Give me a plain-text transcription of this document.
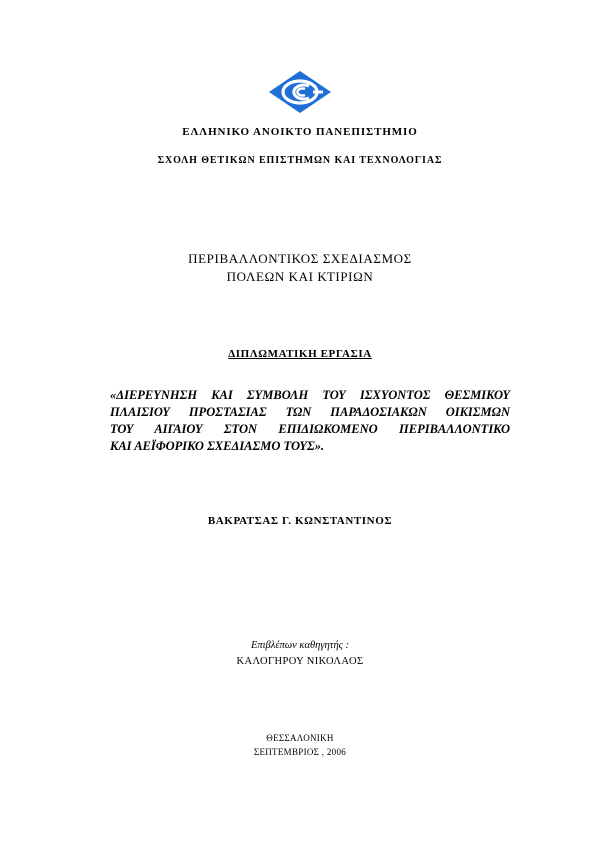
ΕΛΛΗΝΙΚΟ ΑΝΟΙΚΤΟ ΠΑΝΕΠΙΣΤΗΜΙΟ
ΣΧΟΛΗ ΘΕΤΙΚΩΝ ΕΠΙΣΤΗΜΩΝ ΚΑΙ ΤΕΧΝΟΛΟΓΙΑΣ
ΠΕΡΙΒΑΛΛΟΝΤΙΚΟΣ ΣΧΕΔΙΑΣΜΟΣ
ΠΟΛΕΩΝ ΚΑΙ ΚΤΙΡΙΩΝ
ΔΙΠΛΩΜΑΤΙΚΗ ΕΡΓΑΣΙΑ
«ΔΙΕΡΕΥΝΗΣΗ ΚΑΙ ΣΥΜΒΟΛΗ ΤΟΥ ΙΣΧΥΟΝΤΟΣ ΘΕΣΜΙΚΟΥ
ΠΛΑΙΣΙΟΥ ΠΡΟΣΤΑΣΙΑΣ ΤΩΝ ΠΑΡΑΔΟΣΙΑΚΩΝ ΟΙΚΙΣΜΩΝ
ΤΟΥ ΑΙΓΑΙΟΥ ΣΤΟΝ ΕΠΙΔΙΩΚΟΜΕΝΟ ΠΕΡΙΒΑΛΛΟΝΤΙΚΟ
ΚΑΙ ΑΕΪΦΟΡΙΚΟ ΣΧΕΔΙΑΣΜΟ ΤΟΥΣ».
ΒΑΚΡΑΤΣΑΣ Γ. ΚΩΝΣΤΑΝΤΙΝΟΣ
Επιβλέπων καθηγητής :
ΚΑΛΟΓΗΡΟΥ ΝΙΚΟΛΑΟΣ
ΘΕΣΣΑΛΟΝΙΚΗ
ΣΕΠΤΕΜΒΡΙΟΣ , 2006
